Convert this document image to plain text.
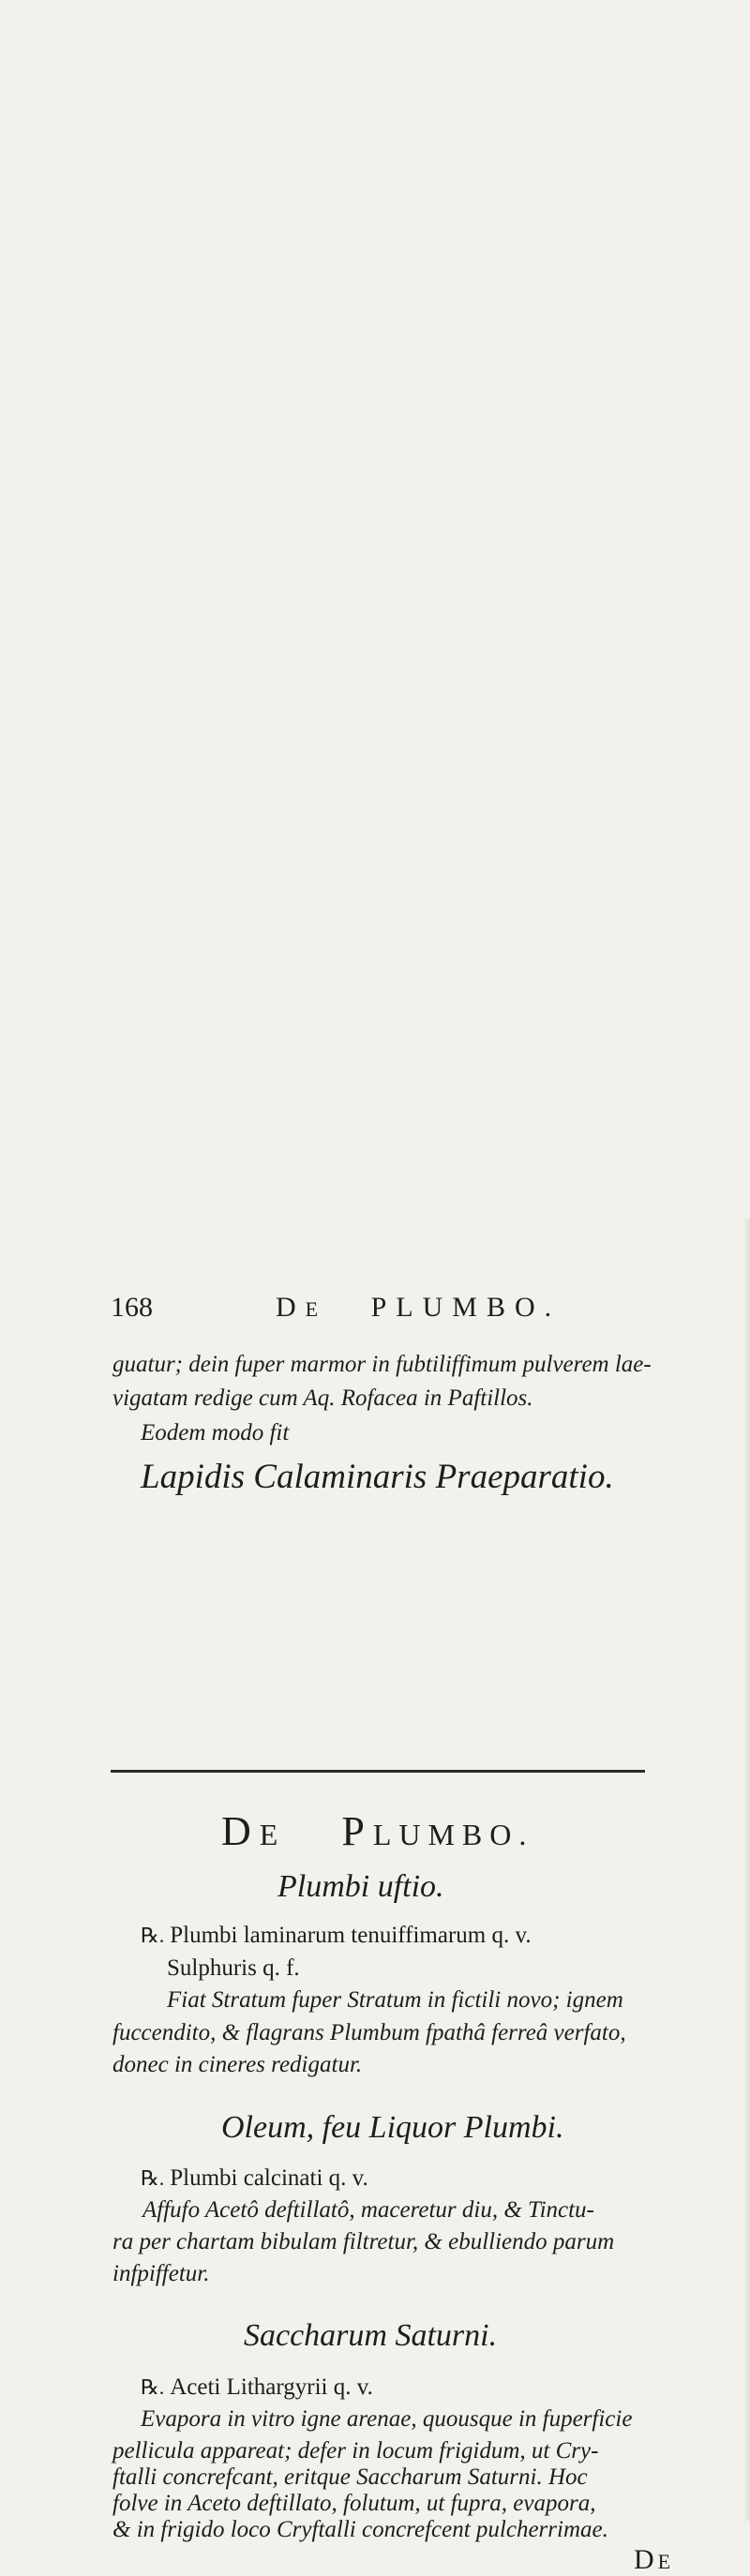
168	DE PLUMBO.
guatur; dein fuper marmor in fubtiliffimum pulverem lae-
vigatam redige cum Aq. Rofacea in Paftillos.
Eodem modo fit
Lapidis Calaminaris Praeparatio.
DE PLUMBO.
Plumbi uftio.
℞. Plumbi laminarum tenuiffimarum q. v.
Sulphuris q. f.
Fiat Stratum fuper Stratum in fictili novo; ignem
fuccendito, & flagrans Plumbum fpathâ ferreâ verfato,
donec in cineres redigatur.
Oleum, feu Liquor Plumbi.
℞. Plumbi calcinati q. v.
Affufo Acetô deftillatô, maceretur diu, & Tinctu-
ra per chartam bibulam filtretur, & ebulliendo parum
infpiffetur.
Saccharum Saturni.
℞. Aceti Lithargyrii q. v.
Evapora in vitro igne arenae, quousque in fuperficie
pellicula appareat; defer in locum frigidum, ut Cry-
DE
ftalli concrefcant, eritque Saccharum Saturni. Hoc
folve in Aceto deftillato, folutum, ut fupra, evapora,
& in frigido loco Cryftalli concrefcent pulcherrimae.
